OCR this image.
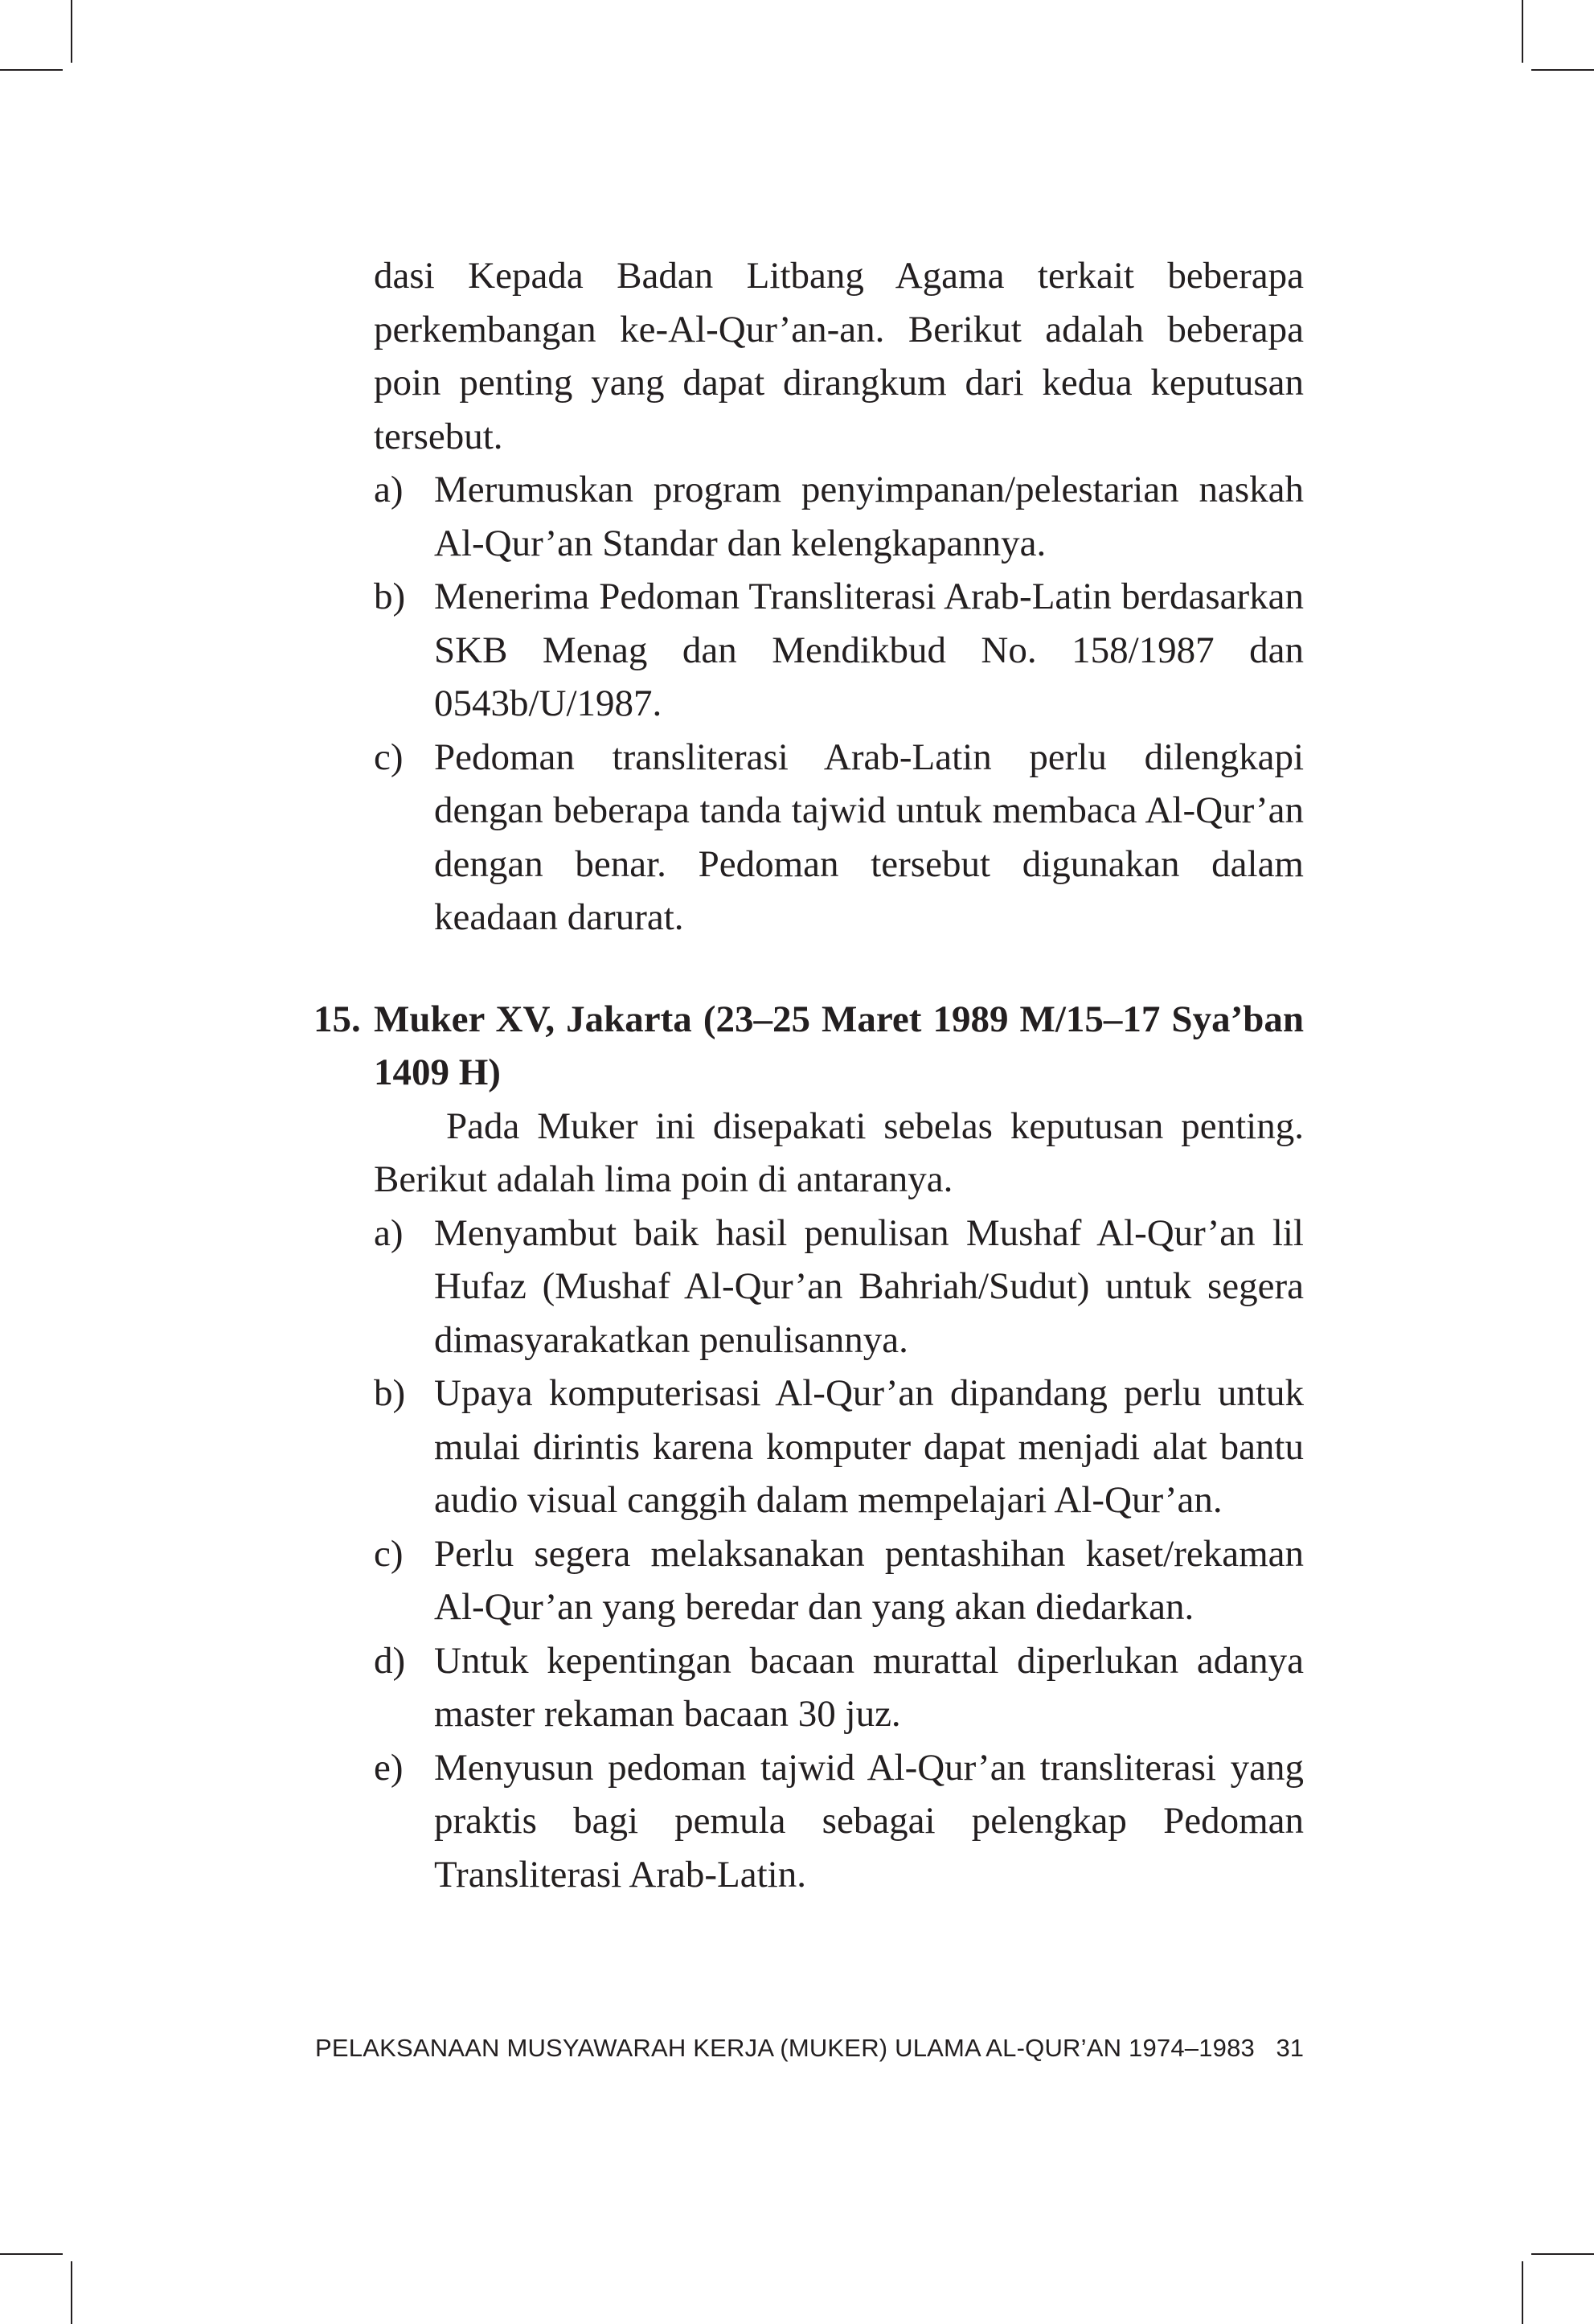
dasi Kepada Badan Litbang Agama terkait beberapa perkembangan ke-Al-Qur’an-an. Berikut adalah beberapa poin penting yang dapat dirangkum dari kedua keputusan tersebut.

a) Merumuskan program penyimpanan/pelestarian naskah Al-Qur’an Standar dan kelengkapannya.
b) Menerima Pedoman Transliterasi Arab-Latin berdasarkan SKB Menag dan Mendikbud No. 158/1987 dan 0543b/U/1987.
c) Pedoman transliterasi Arab-Latin perlu dilengkapi dengan beberapa tanda tajwid untuk membaca Al-Qur’an dengan benar. Pedoman tersebut digunakan dalam keadaan darurat.
15. Muker XV, Jakarta (23–25 Maret 1989 M/15–17 Sya’ban 1409 H)

Pada Muker ini disepakati sebelas keputusan penting. Berikut adalah lima poin di antaranya.

a) Menyambut baik hasil penulisan Mushaf Al-Qur’an lil Hufaz (Mushaf Al-Qur’an Bahriah/Sudut) untuk segera dimasyarakatkan penulisannya.
b) Upaya komputerisasi Al-Qur’an dipandang perlu untuk mulai dirintis karena komputer dapat menjadi alat bantu audio visual canggih dalam mempelajari Al-Qur’an.
c) Perlu segera melaksanakan pentashihan kaset/rekaman Al-Qur’an yang beredar dan yang akan diedarkan.
d) Untuk kepentingan bacaan murattal diperlukan adanya master rekaman bacaan 30 juz.
e) Menyusun pedoman tajwid Al-Qur’an transliterasi yang praktis bagi pemula sebagai pelengkap Pedoman Transliterasi Arab-Latin.
PELAKSANAAN MUSYAWARAH KERJA (MUKER) ULAMA AL-QUR’AN 1974–1983 31
